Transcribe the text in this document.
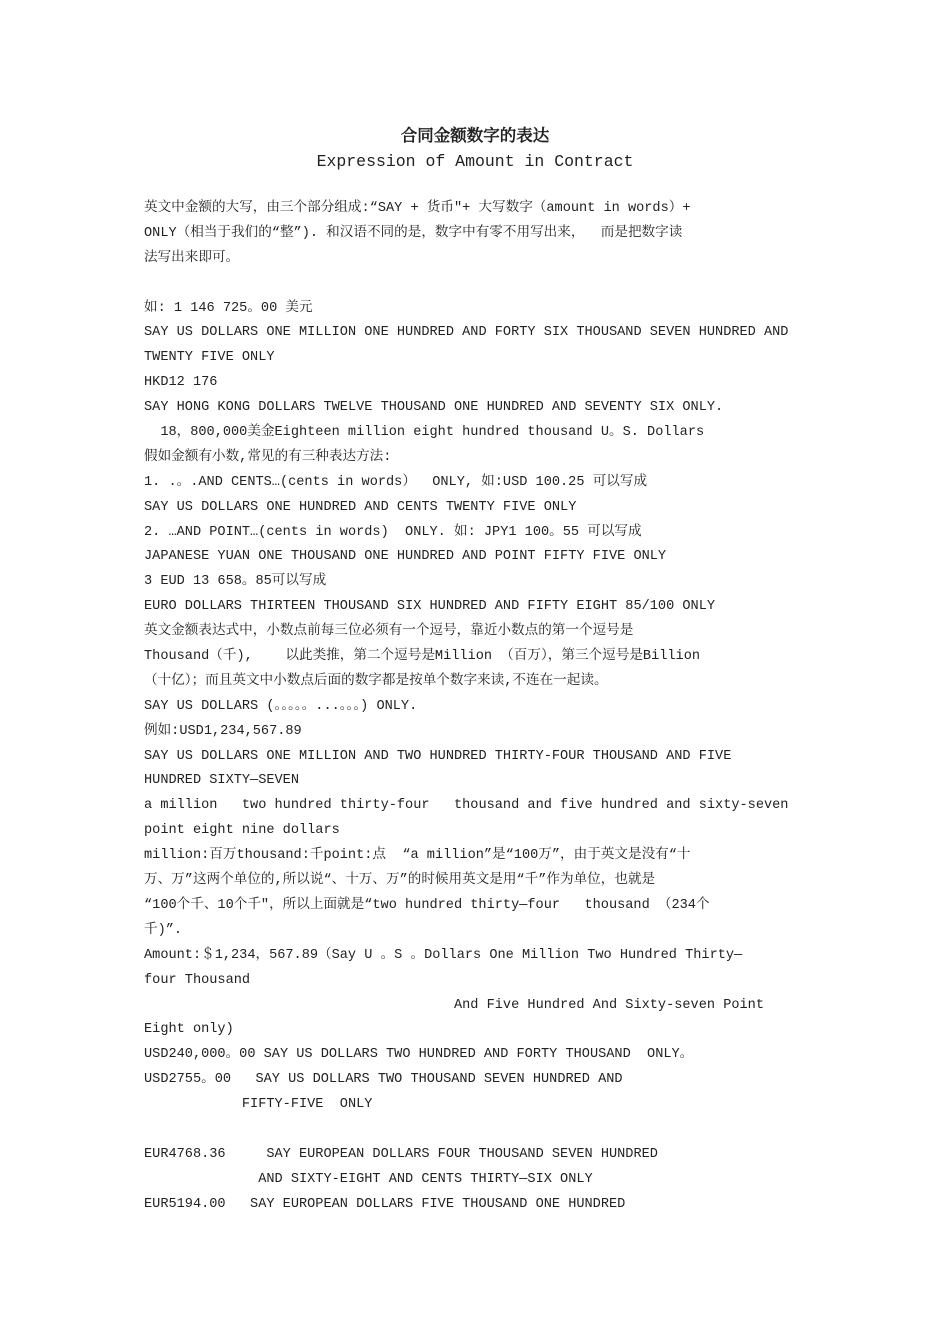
合同金额数字的表达
Expression of Amount in Contract
英文中金额的大写，由三个部分组成:“SAY + 货币"+ 大写数字（amount in words）+
ONLY（相当于我们的“整”). 和汉语不同的是，数字中有零不用写出来，  而是把数字读
法写出来即可。
如: 1 146 725。00 美元
SAY US DOLLARS ONE MILLION ONE HUNDRED AND FORTY SIX THOUSAND SEVEN HUNDRED AND
TWENTY FIVE ONLY
HKD12 176
SAY HONG KONG DOLLARS TWELVE THOUSAND ONE HUNDRED AND SEVENTY SIX ONLY.
18，800,000美金Eighteen million eight hundred thousand U。S. Dollars
假如金额有小数,常见的有三种表达方法:
1. .。.AND CENTS…(cents in words）  ONLY, 如:USD 100.25 可以写成
SAY US DOLLARS ONE HUNDRED AND CENTS TWENTY FIVE ONLY
2. …AND POINT…(cents in words)  ONLY. 如: JPY1 100。55 可以写成
JAPANESE YUAN ONE THOUSAND ONE HUNDRED AND POINT FIFTY FIVE ONLY
3 EUD 13 658。85可以写成
EURO DOLLARS THIRTEEN THOUSAND SIX HUNDRED AND FIFTY EIGHT 85/100 ONLY
英文金额表达式中，小数点前每三位必须有一个逗号，靠近小数点的第一个逗号是
Thousand（千),    以此类推，第二个逗号是Million （百万），第三个逗号是Billion
（十亿）；而且英文中小数点后面的数字都是按单个数字来读,不连在一起读。
SAY US DOLLARS (。。。。。...。。。) ONLY.
例如:USD1,234,567.89
SAY US DOLLARS ONE MILLION AND TWO HUNDRED THIRTY-FOUR THOUSAND AND FIVE
HUNDRED SIXTY—SEVEN
a million   two hundred thirty-four   thousand and five hundred and sixty-seven
point eight nine dollars
million:百万thousand:千point:点  “a million”是“100万”，由于英文是没有“十
万、万”这两个单位的,所以说“、十万、万”的时候用英文是用“千”作为单位，也就是
“100个千、10个千"，所以上面就是“two hundred thirty—four   thousand （234个
千)”.
Amount:＄1,234，567.89（Say U 。S 。Dollars One Million Two Hundred Thirty—
four Thousand
And Five Hundred And Sixty-seven Point
Eight only)
USD240,000。00 SAY US DOLLARS TWO HUNDRED AND FORTY THOUSAND  ONLY。
USD2755。00   SAY US DOLLARS TWO THOUSAND SEVEN HUNDRED AND
FIFTY-FIVE  ONLY
EUR4768.36     SAY EUROPEAN DOLLARS FOUR THOUSAND SEVEN HUNDRED
AND SIXTY-EIGHT AND CENTS THIRTY—SIX ONLY
EUR5194.00   SAY EUROPEAN DOLLARS FIVE THOUSAND ONE HUNDRED
